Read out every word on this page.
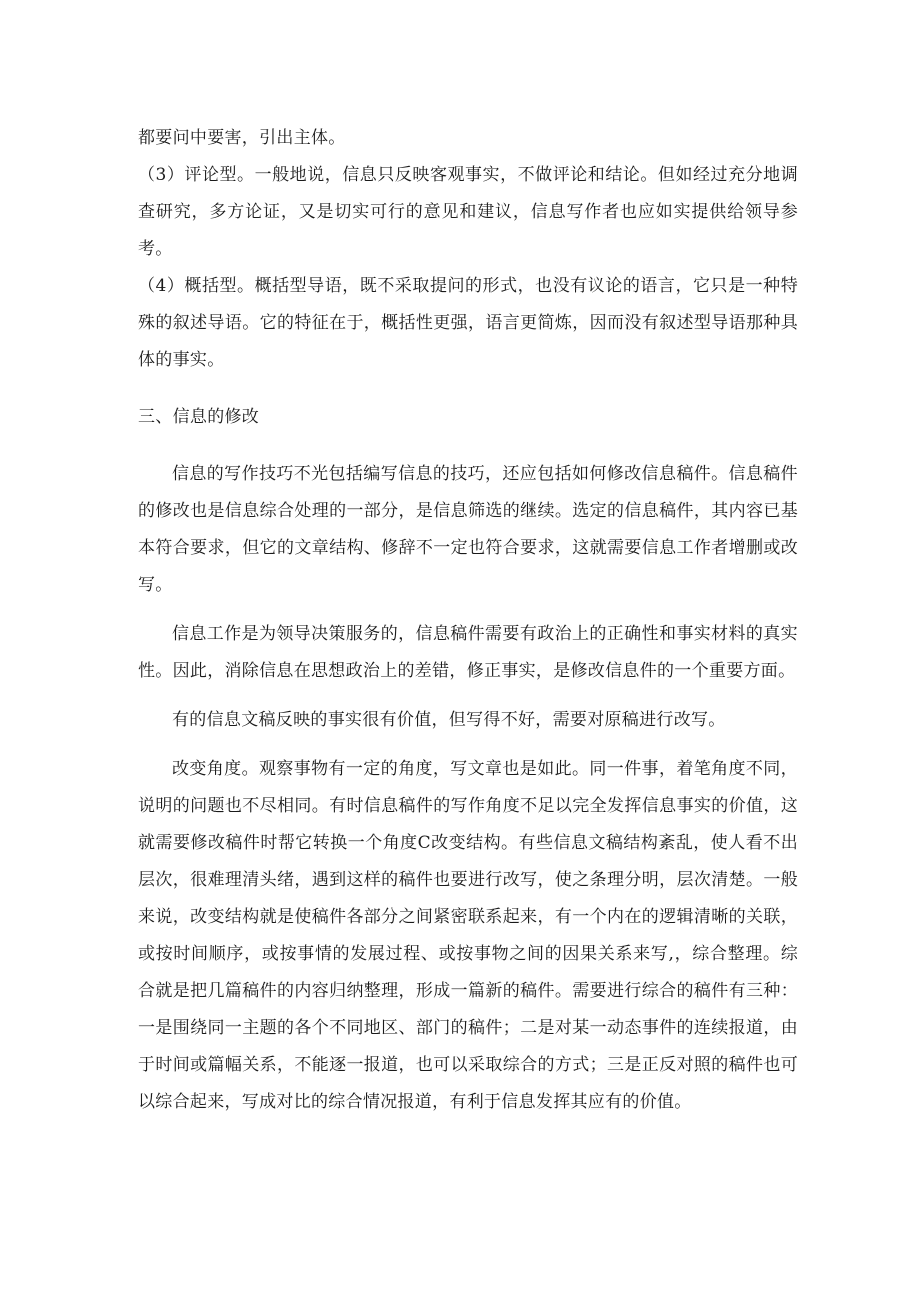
都要问中要害，引出主体。

（3）评论型。一般地说，信息只反映客观事实，不做评论和结论。但如经过充分地调查研究，多方论证，又是切实可行的意见和建议，信息写作者也应如实提供给领导参考。

（4）概括型。概括型导语，既不采取提问的形式，也没有议论的语言，它只是一种特殊的叙述导语。它的特征在于，概括性更强，语言更简炼，因而没有叙述型导语那种具体的事实。

三、信息的修改

信息的写作技巧不光包括编写信息的技巧，还应包括如何修改信息稿件。信息稿件的修改也是信息综合处理的一部分，是信息筛选的继续。选定的信息稿件，其内容已基本符合要求，但它的文章结构、修辞不一定也符合要求，这就需要信息工作者增删或改写。

信息工作是为领导决策服务的，信息稿件需要有政治上的正确性和事实材料的真实性。因此，消除信息在思想政治上的差错，修正事实，是修改信息件的一个重要方面。

有的信息文稿反映的事实很有价值，但写得不好，需要对原稿进行改写。

改变角度。观察事物有一定的角度，写文章也是如此。同一件事，着笔角度不同，说明的问题也不尽相同。有时信息稿件的写作角度不足以完全发挥信息事实的价值，这就需要修改稿件时帮它转换一个角度C改变结构。有些信息文稿结构紊乱，使人看不出层次，很难理清头绪，遇到这样的稿件也要进行改写，使之条理分明，层次清楚。一般来说，改变结构就是使稿件各部分之间紧密联系起来，有一个内在的逻辑清晰的关联，或按时间顺序，或按事情的发展过程、或按事物之间的因果关系来写,，综合整理。综合就是把几篇稿件的内容归纳整理，形成一篇新的稿件。需要进行综合的稿件有三种：一是围绕同一主题的各个不同地区、部门的稿件；二是对某一动态事件的连续报道，由于时间或篇幅关系，不能逐一报道，也可以采取综合的方式；三是正反对照的稿件也可以综合起来，写成对比的综合情况报道，有利于信息发挥其应有的价值。
